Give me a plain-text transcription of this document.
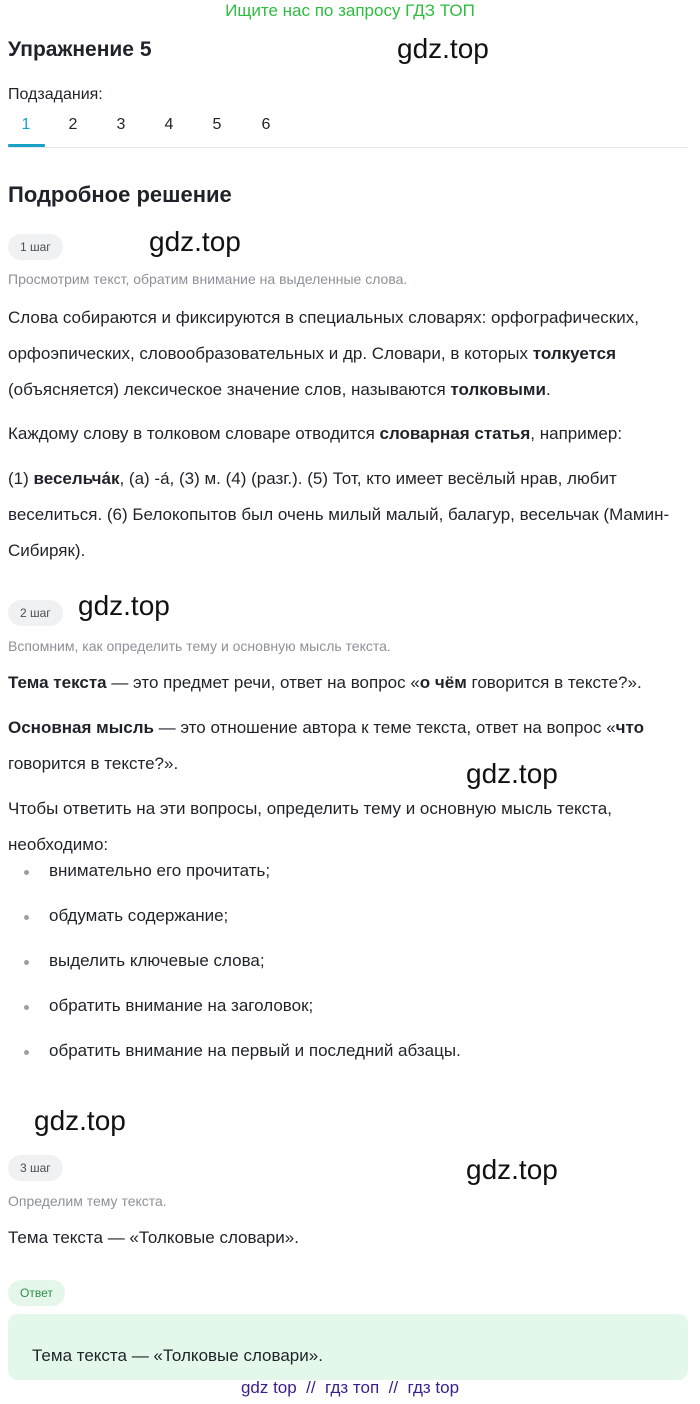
Ищите нас по запросу ГДЗ ТОП
Упражнение 5	gdz.top
Подзадания:
1	2	3	4	5	6
Подробное решение
1 шаг	gdz.top
Просмотрим текст, обратим внимание на выделенные слова.
Слова собираются и фиксируются в специальных словарях: орфографических, орфоэпических, словообразовательных и др. Словари, в которых толкуется (объясняется) лексическое значение слов, называются толковыми.
Каждому слову в толковом словаре отводится словарная статья, например:
(1) весельча́к, (а) -а́, (3) м. (4) (разг.). (5) Тот, кто имеет весёлый нрав, любит веселиться. (6) Белокопытов был очень милый малый, балагур, весельчак (Мамин-Сибиряк).
2 шаг gdz.top
Вспомним, как определить тему и основную мысль текста.
Тема текста — это предмет речи, ответ на вопрос «о чём говорится в тексте?».
Основная мысль — это отношение автора к теме текста, ответ на вопрос «что говорится в тексте?».	gdz.top
Чтобы ответить на эти вопросы, определить тему и основную мысль текста, необходимо:
внимательно его прочитать;
обдумать содержание;
выделить ключевые слова;
обратить внимание на заголовок;
обратить внимание на первый и последний абзацы.
gdz.top
3 шаг	gdz.top
Определим тему текста.
Тема текста — «Толковые словари».
Ответ
Тема текста — «Толковые словари».
gdz top  //  гдз топ  //  гдз top
